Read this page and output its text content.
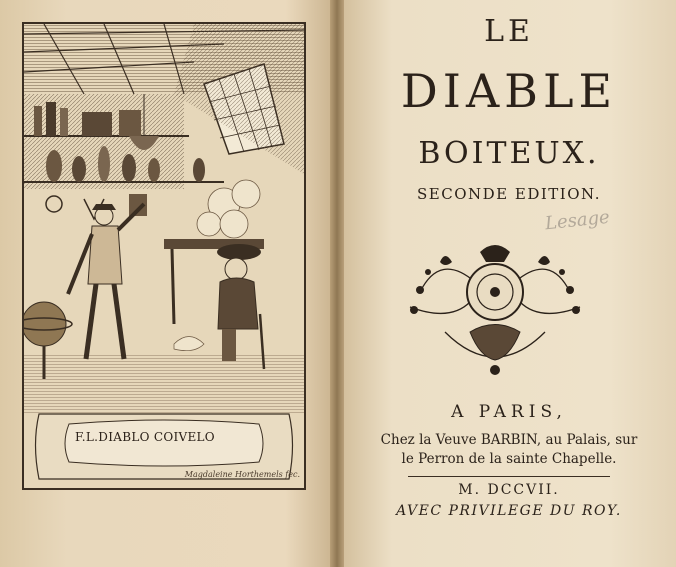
F.L.DIABLO COIVELO
Magdaleine Horthemels fec.
LE
DIABLE
BOITEUX.
SECONDE EDITION.
Lesage
A PARIS,
Chez la Veuve BARBIN, au Palais, sur
le Perron de la sainte Chapelle.
M. DCCVII.
AVEC PRIVILEGE DU ROY.
